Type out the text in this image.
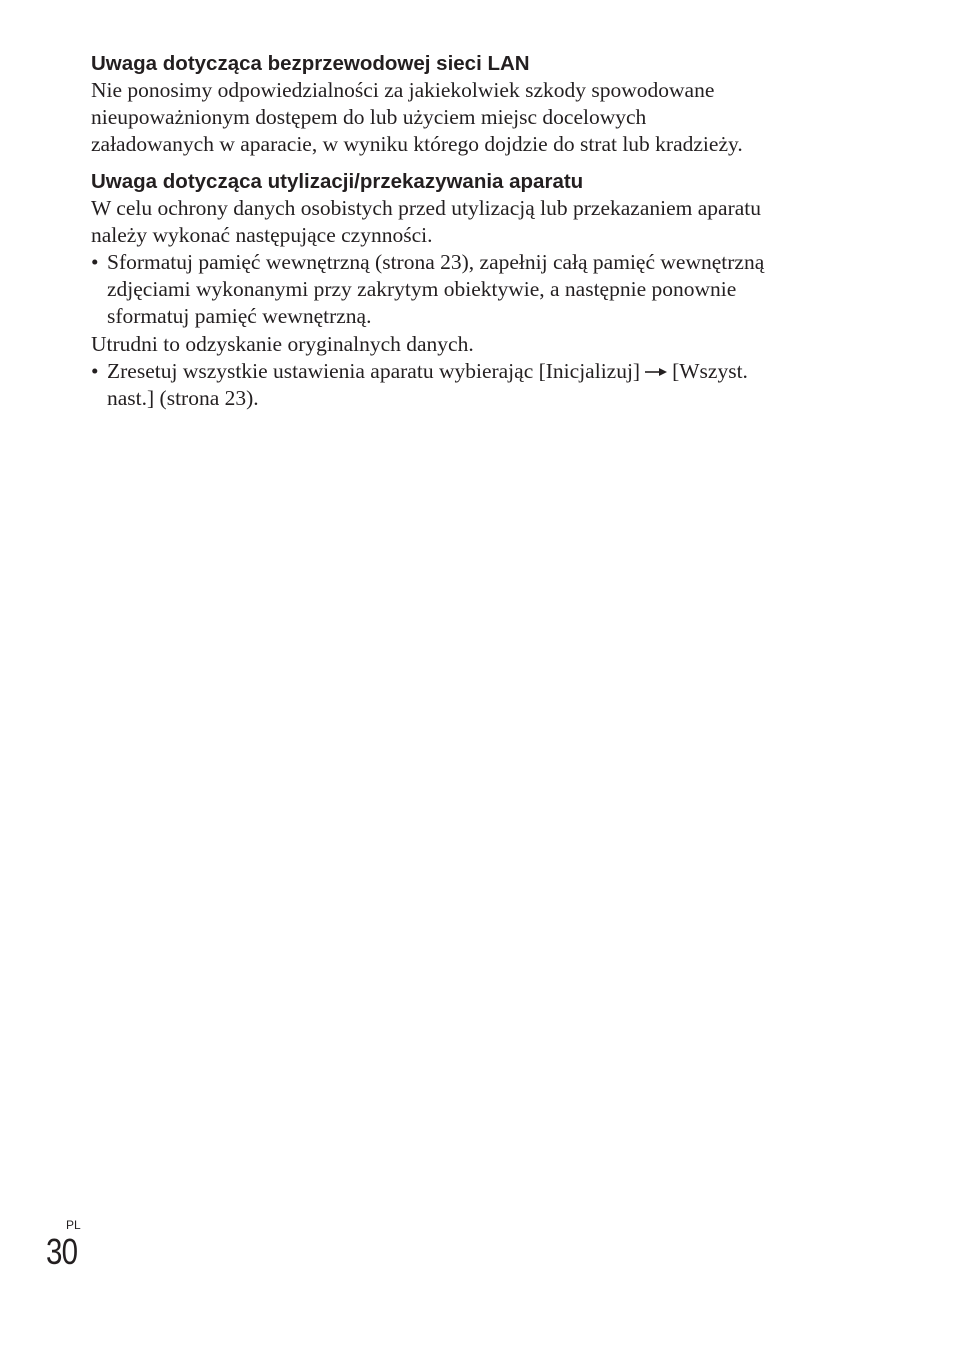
Uwaga dotycząca bezprzewodowej sieci LAN

Nie ponosimy odpowiedzialności za jakiekolwiek szkody spowodowane
nieupoważnionym dostępem do lub użyciem miejsc docelowych
załadowanych w aparacie, w wyniku którego dojdzie do strat lub kradzieży.

Uwaga dotycząca utylizacji/przekazywania aparatu

W celu ochrony danych osobistych przed utylizacją lub przekazaniem aparatu
należy wykonać następujące czynności.

• Sformatuj pamięć wewnętrzną (strona 23), zapełnij całą pamięć wewnętrzną
zdjęciami wykonanymi przy zakrytym obiektywie, a następnie ponownie
sformatuj pamięć wewnętrzną.

Utrudni to odzyskanie oryginalnych danych.

• Zresetuj wszystkie ustawienia aparatu wybierając [Inicjalizuj] [Wszyst.
nast.] (strona 23).
PL
30
